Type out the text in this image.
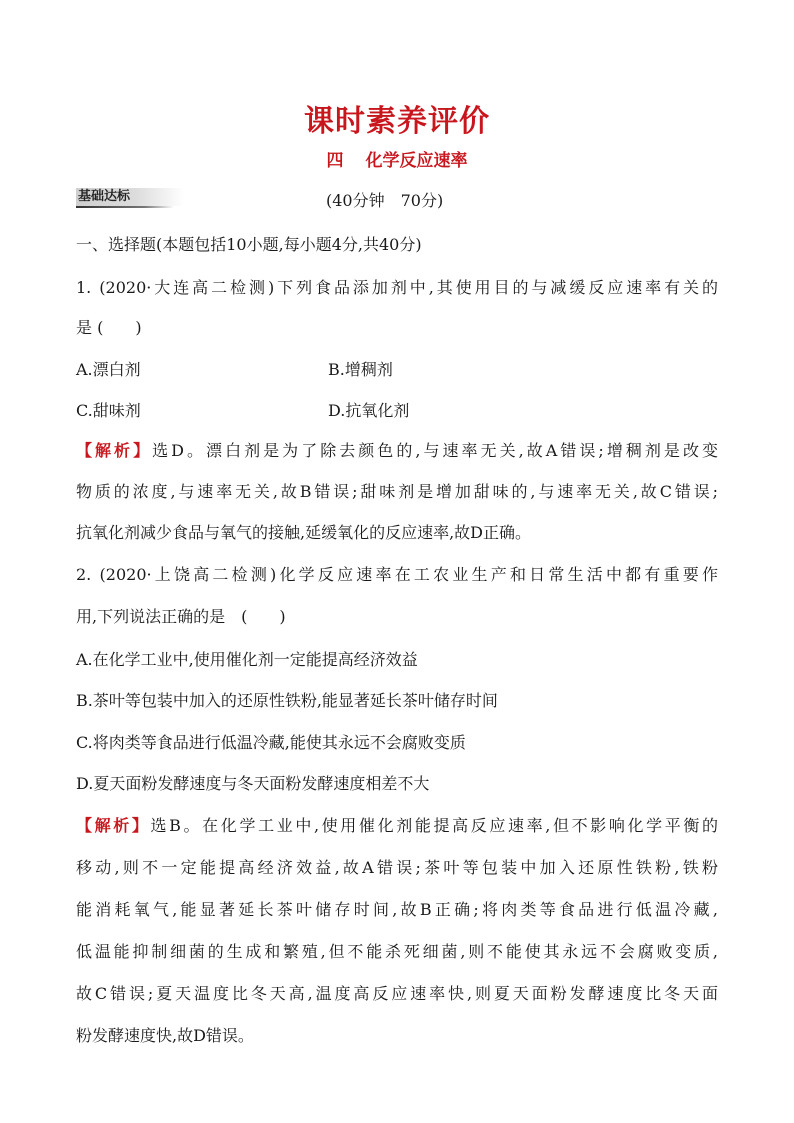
课时素养评价
四 化学反应速率
基础达标	(40分钟　70分)
一、选择题(本题包括10小题,每小题4分,共40分)
1. (2020·大连高二检测)下列食品添加剂中,其使用目的与减缓反应速率有关的
是 (　　)
A.漂白剂	B.增稠剂
C.甜味剂	D.抗氧化剂
【解析】选D。漂白剂是为了除去颜色的,与速率无关,故A错误;增稠剂是改变
物质的浓度,与速率无关,故B错误;甜味剂是增加甜味的,与速率无关,故C错误;
抗氧化剂减少食品与氧气的接触,延缓氧化的反应速率,故D正确。
2. (2020·上饶高二检测)化学反应速率在工农业生产和日常生活中都有重要作
用,下列说法正确的是　(　　)
A.在化学工业中,使用催化剂一定能提高经济效益
B.茶叶等包装中加入的还原性铁粉,能显著延长茶叶储存时间
C.将肉类等食品进行低温冷藏,能使其永远不会腐败变质
D.夏天面粉发酵速度与冬天面粉发酵速度相差不大
【解析】选B。在化学工业中,使用催化剂能提高反应速率,但不影响化学平衡的
移动,则不一定能提高经济效益,故A错误;茶叶等包装中加入还原性铁粉,铁粉
能消耗氧气,能显著延长茶叶储存时间,故B正确;将肉类等食品进行低温冷藏,
低温能抑制细菌的生成和繁殖,但不能杀死细菌,则不能使其永远不会腐败变质,
故C错误;夏天温度比冬天高,温度高反应速率快,则夏天面粉发酵速度比冬天面
粉发酵速度快,故D错误。
